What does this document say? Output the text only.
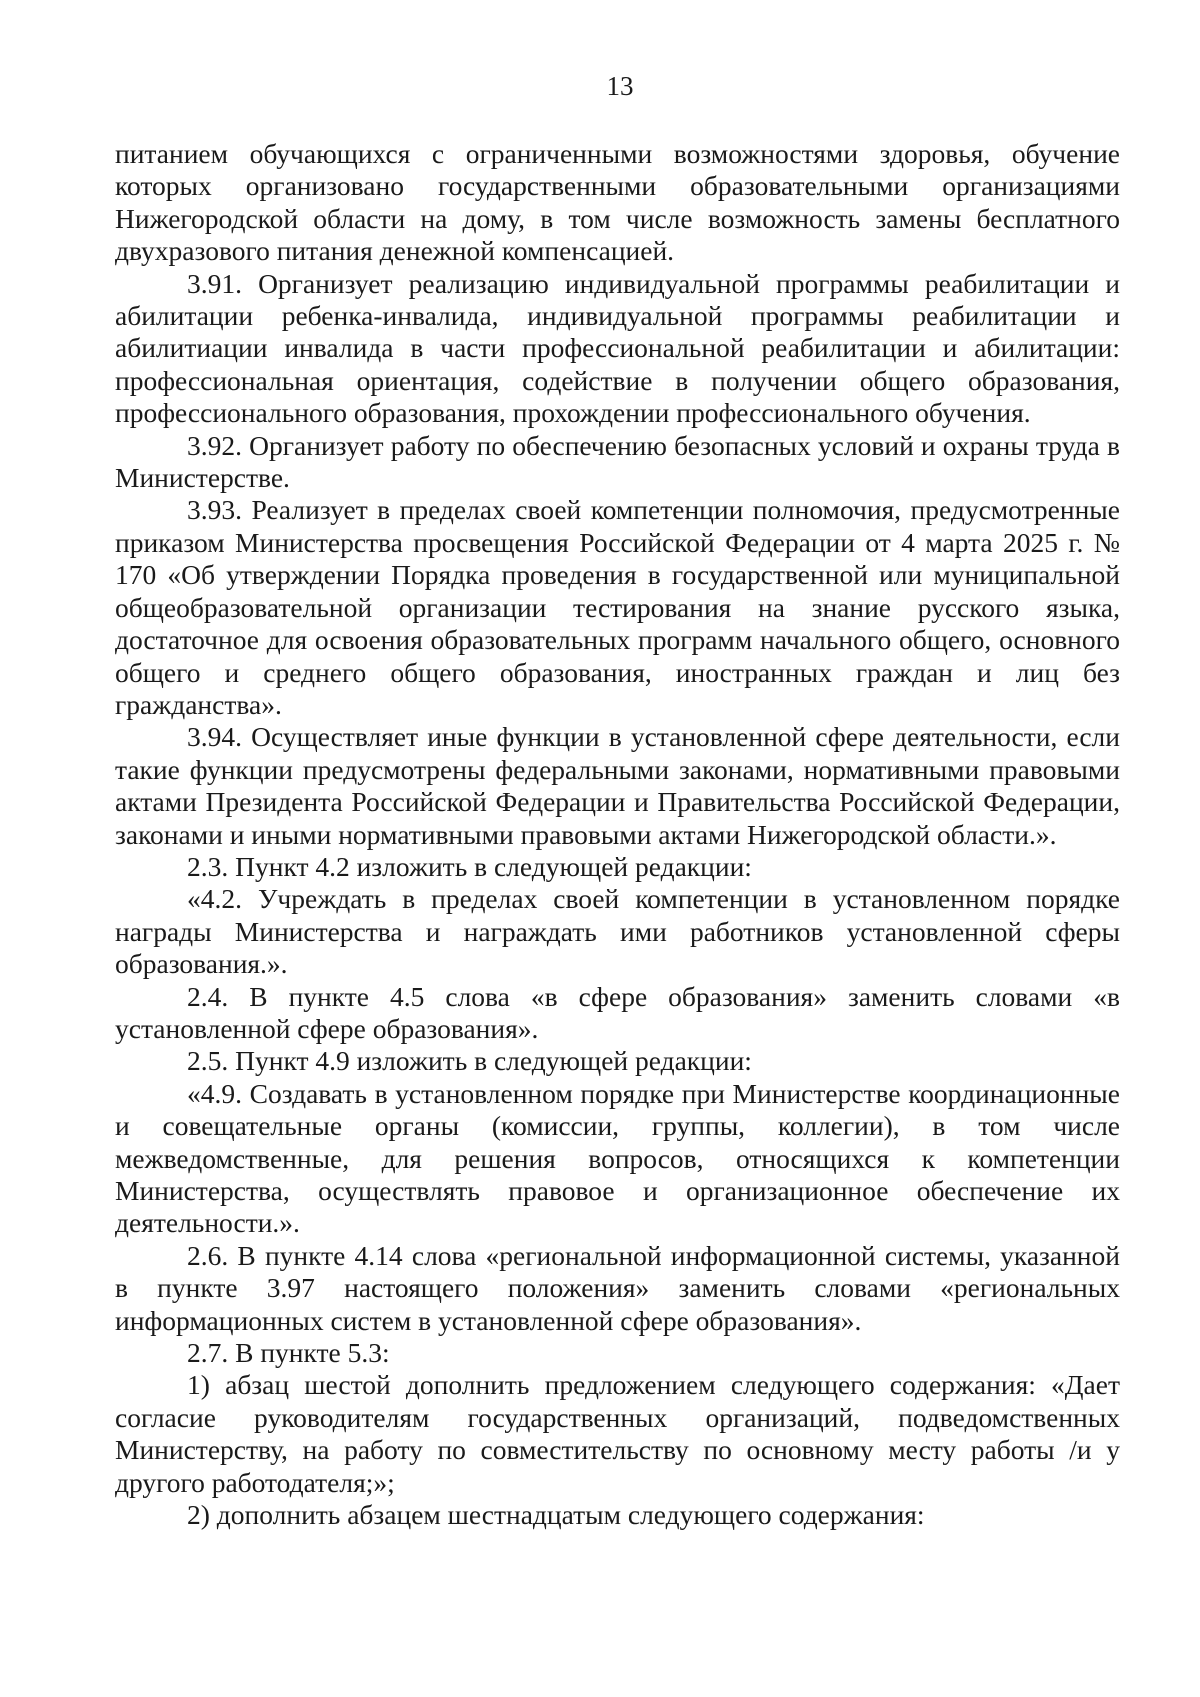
13

питанием обучающихся с ограниченными возможностями здоровья, обучение которых организовано государственными образовательными организациями Нижегородской области на дому, в том числе возможность замены бесплатного двухразового питания денежной компенсацией.

3.91. Организует реализацию индивидуальной программы реабилитации и абилитации ребенка-инвалида, индивидуальной программы реабилитации и абилитиации инвалида в части профессиональной реабилитации и абилитации: профессиональная ориентация, содействие в получении общего образования, профессионального образования, прохождении профессионального обучения.

3.92. Организует работу по обеспечению безопасных условий и охраны труда в Министерстве.

3.93. Реализует в пределах своей компетенции полномочия, предусмотренные приказом Министерства просвещения Российской Федерации от 4 марта 2025 г. № 170 «Об утверждении Порядка проведения в государственной или муниципальной общеобразовательной организации тестирования на знание русского языка, достаточное для освоения образовательных программ начального общего, основного общего и среднего общего образования, иностранных граждан и лиц без гражданства».

3.94. Осуществляет иные функции в установленной сфере деятельности, если такие функции предусмотрены федеральными законами, нормативными правовыми актами Президента Российской Федерации и Правительства Российской Федерации, законами и иными нормативными правовыми актами Нижегородской области.».

2.3. Пункт 4.2 изложить в следующей редакции:

«4.2. Учреждать в пределах своей компетенции в установленном порядке награды Министерства и награждать ими работников установленной сферы образования.».

2.4. В пункте 4.5 слова «в сфере образования» заменить словами «в установленной сфере образования».

2.5. Пункт 4.9 изложить в следующей редакции:

«4.9. Создавать в установленном порядке при Министерстве координационные и совещательные органы (комиссии, группы, коллегии), в том числе межведомственные, для решения вопросов, относящихся к компетенции Министерства, осуществлять правовое и организационное обеспечение их деятельности.».

2.6. В пункте 4.14 слова «региональной информационной системы, указанной в пункте 3.97 настоящего положения» заменить словами «региональных информационных систем в установленной сфере образования».

2.7. В пункте 5.3:

1) абзац шестой дополнить предложением следующего содержания: «Дает согласие руководителям государственных организаций, подведомственных Министерству, на работу по совместительству по основному месту работы /и у другого работодателя;»;

2) дополнить абзацем шестнадцатым следующего содержания:
